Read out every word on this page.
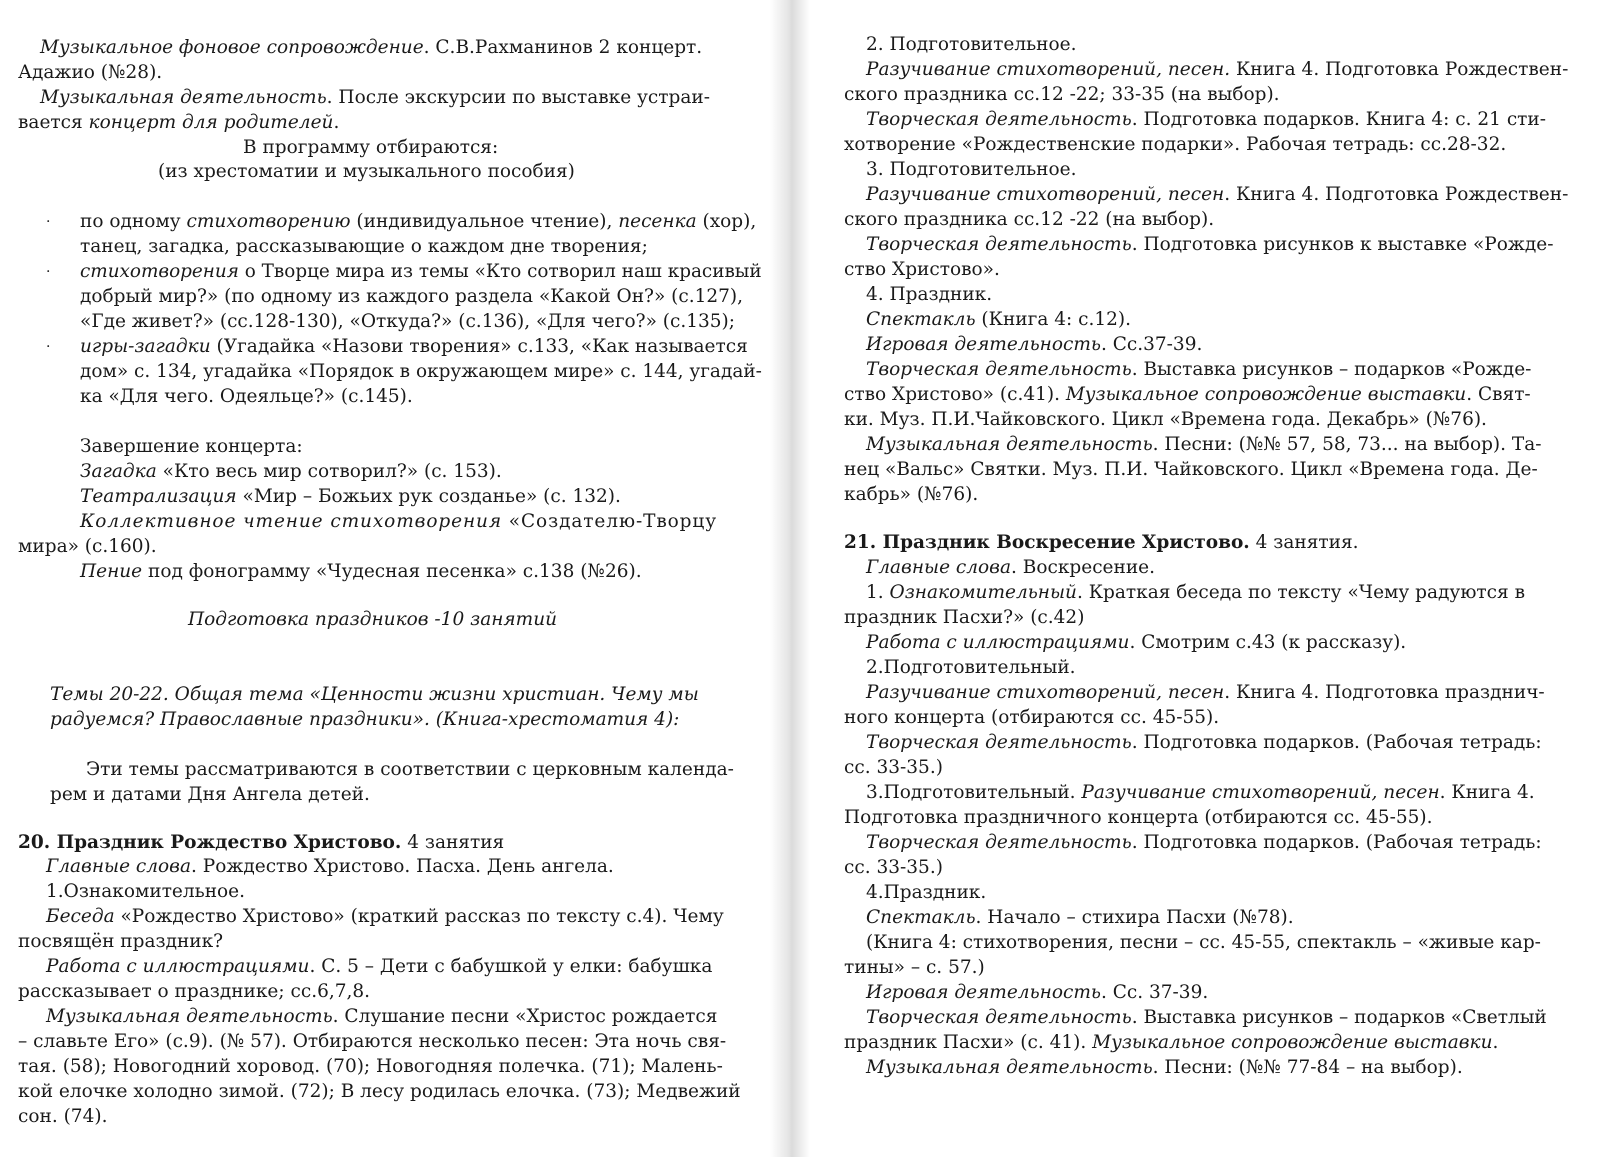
Музыкальное фоновое сопровождение. С.В.Рахманинов 2 концерт.
Адажио (№28).
Музыкальная деятельность. После экскурсии по выставке устраи-
вается концерт для родителей.
В программу отбираются:
(из хрестоматии и музыкального пособия)
по одному стихотворению (индивидуальное чтение), песенка (хор),
танец, загадка, рассказывающие о каждом дне творения;
стихотворения о Творце мира из темы «Кто сотворил наш красивый
добрый мир?» (по одному из каждого раздела «Какой Он?» (с.127),
«Где живет?» (сс.128-130), «Откуда?» (с.136), «Для чего?» (с.135);
игры-загадки (Угадайка «Назови творения» с.133, «Как называется
дом» с. 134, угадайка «Порядок в окружающем мире» с. 144, угадай-
ка «Для чего. Одеяльце?» (с.145).
Завершение концерта:
Загадка «Кто весь мир сотворил?» (с. 153).
Театрализация «Мир – Божьих рук созданье» (с. 132).
Коллективное чтение стихотворения «Создателю-Творцу
мира» (с.160).
Пение под фонограмму «Чудесная песенка» с.138 (№26).
Подготовка праздников -10 занятий
Темы 20-22. Общая тема «Ценности жизни христиан. Чему мы
радуемся? Православные праздники». (Книга-хрестоматия 4):
Эти темы рассматриваются в соответствии с церковным календа-
рем и датами Дня Ангела детей.
20. Праздник Рождество Христово. 4 занятия
Главные слова. Рождество Христово. Пасха. День ангела.
1.Ознакомительное.
Беседа «Рождество Христово» (краткий рассказ по тексту с.4). Чему
посвящён праздник?
Работа с иллюстрациями. С. 5 – Дети с бабушкой у елки: бабушка
рассказывает о празднике; сс.6,7,8.
Музыкальная деятельность. Слушание песни «Христос рождается
– славьте Его» (с.9). (№ 57). Отбираются несколько песен: Эта ночь свя-
тая. (58); Новогодний хоровод. (70); Новогодняя полечка. (71); Малень-
кой елочке холодно зимой. (72); В лесу родилась елочка. (73); Медвежий
сон. (74).
·
·
·
2. Подготовительное.
Разучивание стихотворений, песен. Книга 4. Подготовка Рождествен-
ского праздника сс.12 -22; 33-35 (на выбор).
Творческая деятельность. Подготовка подарков. Книга 4: с. 21 сти-
хотворение «Рождественские подарки». Рабочая тетрадь: сс.28-32.
3. Подготовительное.
Разучивание стихотворений, песен. Книга 4. Подготовка Рождествен-
ского праздника сс.12 -22 (на выбор).
Творческая деятельность. Подготовка рисунков к выставке «Рожде-
ство Христово».
4. Праздник.
Спектакль (Книга 4: с.12).
Игровая деятельность. Сс.37-39.
Творческая деятельность. Выставка рисунков – подарков «Рожде-
ство Христово» (с.41). Музыкальное сопровождение выставки. Свят-
ки. Муз. П.И.Чайковского. Цикл «Времена года. Декабрь» (№76).
Музыкальная деятельность. Песни: (№№ 57, 58, 73... на выбор). Та-
нец «Вальс» Святки. Муз. П.И. Чайковского. Цикл «Времена года. Де-
кабрь» (№76).
21. Праздник Воскресение Христово. 4 занятия.
Главные слова. Воскресение.
1. Ознакомительный. Краткая беседа по тексту «Чему радуются в
праздник Пасхи?» (с.42)
Работа с иллюстрациями. Смотрим с.43 (к рассказу).
2.Подготовительный.
Разучивание стихотворений, песен. Книга 4. Подготовка празднич-
ного концерта (отбираются сс. 45-55).
Творческая деятельность. Подготовка подарков. (Рабочая тетрадь:
сс. 33-35.)
3.Подготовительный. Разучивание стихотворений, песен. Книга 4.
Подготовка праздничного концерта (отбираются сс. 45-55).
Творческая деятельность. Подготовка подарков. (Рабочая тетрадь:
сс. 33-35.)
4.Праздник.
Спектакль. Начало – стихира Пасхи (№78).
(Книга 4: стихотворения, песни – сс. 45-55, спектакль – «живые кар-
тины» – с. 57.)
Игровая деятельность. Сс. 37-39.
Творческая деятельность. Выставка рисунков – подарков «Светлый
праздник Пасхи» (с. 41). Музыкальное сопровождение выставки.
Музыкальная деятельность. Песни: (№№ 77-84 – на выбор).
